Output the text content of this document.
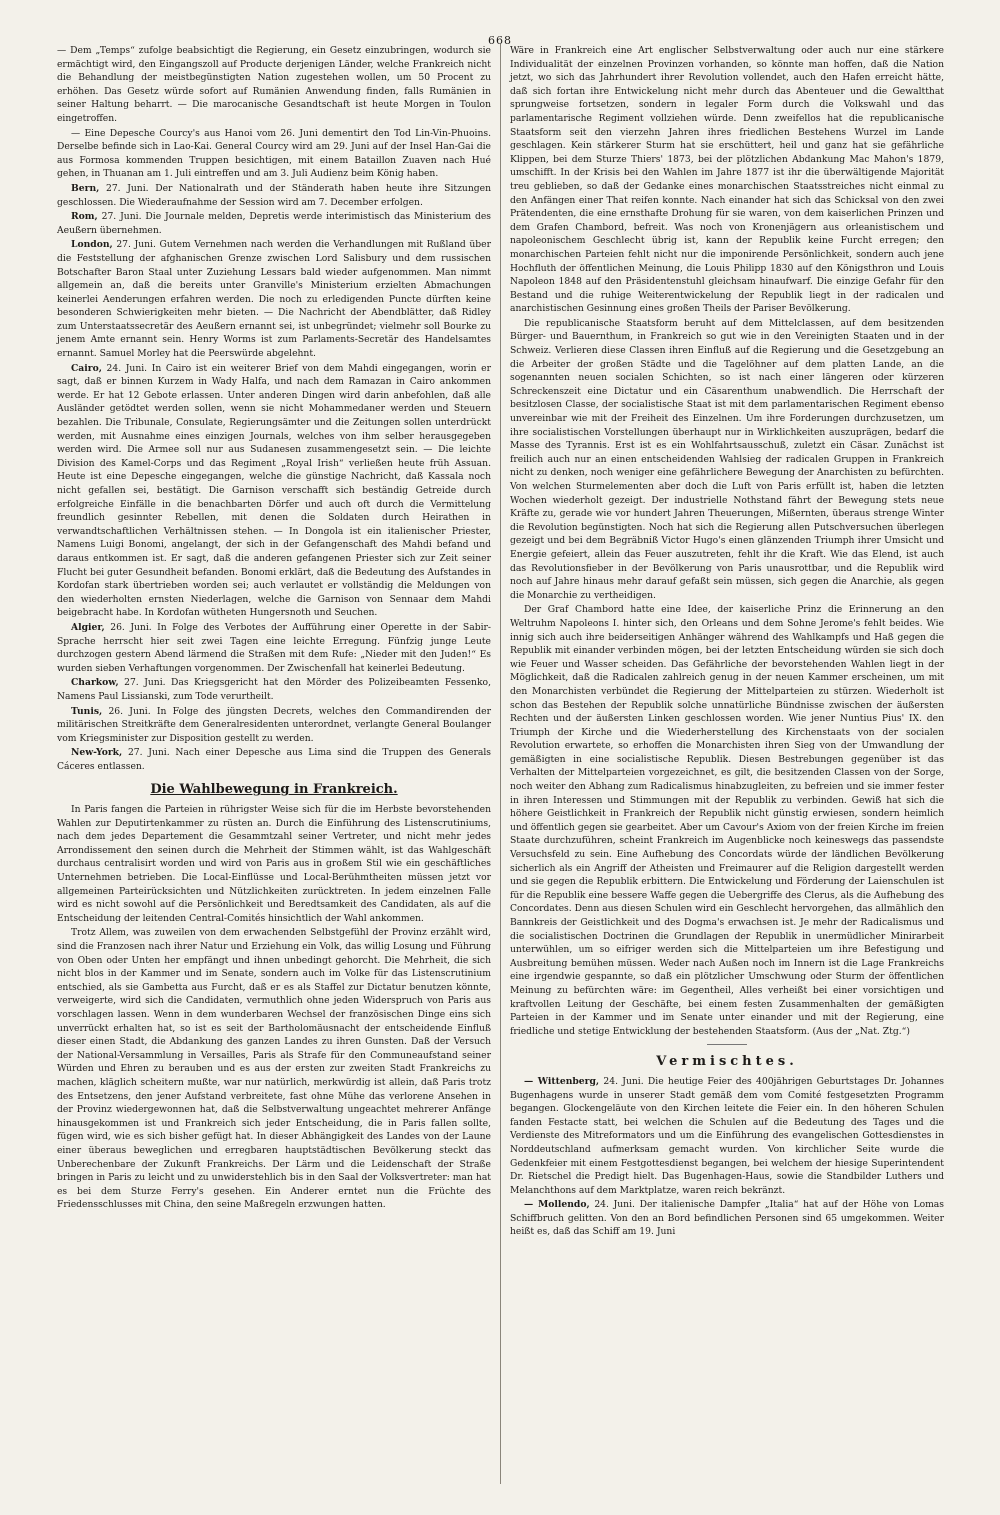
668

— Dem „Temps“ zufolge beabsichtigt die Regierung, ein Gesetz einzubringen, wodurch sie ermächtigt wird, den Eingangszoll auf Producte derjenigen Länder, welche Frankreich nicht die Behandlung der meistbegünstigten Nation zugestehen wollen, um 50 Procent zu erhöhen. Das Gesetz würde sofort auf Rumänien Anwendung finden, falls Rumänien in seiner Haltung beharrt. — Die marocanische Gesandtschaft ist heute Morgen in Toulon eingetroffen.

— Eine Depesche Courcy's aus Hanoi vom 26. Juni dementirt den Tod Lin-Vin-Phuoins. Derselbe befinde sich in Lao-Kai. General Courcy wird am 29. Juni auf der Insel Han-Gai die aus Formosa kommenden Truppen besichtigen, mit einem Bataillon Zuaven nach Hué gehen, in Thuanan am 1. Juli eintreffen und am 3. Juli Audienz beim König haben.

Bern, 27. Juni. Der Nationalrath und der Ständerath haben heute ihre Sitzungen geschlossen. Die Wiederaufnahme der Session wird am 7. December erfolgen.

Rom, 27. Juni. Die Journale melden, Depretis werde interimistisch das Ministerium des Aeußern übernehmen.

London, 27. Juni. Gutem Vernehmen nach werden die Verhandlungen mit Rußland über die Feststellung der afghanischen Grenze zwischen Lord Salisbury und dem russischen Botschafter Baron Staal unter Zuziehung Lessars bald wieder aufgenommen. Man nimmt allgemein an, daß die bereits unter Granville's Ministerium erzielten Abmachungen keinerlei Aenderungen erfahren werden. Die noch zu erledigenden Puncte dürften keine besonderen Schwierigkeiten mehr bieten. — Die Nachricht der Abendblätter, daß Ridley zum Unterstaatssecretär des Aeußern ernannt sei, ist unbegründet; vielmehr soll Bourke zu jenem Amte ernannt sein. Henry Worms ist zum Parlaments-Secretär des Handelsamtes ernannt. Samuel Morley hat die Peerswürde abgelehnt.

Cairo, 24. Juni. In Cairo ist ein weiterer Brief von dem Mahdi eingegangen, worin er sagt, daß er binnen Kurzem in Wady Halfa, und nach dem Ramazan in Cairo ankommen werde. Er hat 12 Gebote erlassen. Unter anderen Dingen wird darin anbefohlen, daß alle Ausländer getödtet werden sollen, wenn sie nicht Mohammedaner werden und Steuern bezahlen. Die Tribunale, Consulate, Regierungsämter und die Zeitungen sollen unterdrückt werden, mit Ausnahme eines einzigen Journals, welches von ihm selber herausgegeben werden wird. Die Armee soll nur aus Sudanesen zusammengesetzt sein. — Die leichte Division des Kamel-Corps und das Regiment „Royal Irish“ verließen heute früh Assuan. Heute ist eine Depesche eingegangen, welche die günstige Nachricht, daß Kassala noch nicht gefallen sei, bestätigt. Die Garnison verschafft sich beständig Getreide durch erfolgreiche Einfälle in die benachbarten Dörfer und auch oft durch die Vermittelung freundlich gesinnter Rebellen, mit denen die Soldaten durch Heirathen in verwandtschaftlichen Verhältnissen stehen. — In Dongola ist ein italienischer Priester, Namens Luigi Bonomi, angelangt, der sich in der Gefangenschaft des Mahdi befand und daraus entkommen ist. Er sagt, daß die anderen gefangenen Priester sich zur Zeit seiner Flucht bei guter Gesundheit befanden. Bonomi erklärt, daß die Bedeutung des Aufstandes in Kordofan stark übertrieben worden sei; auch verlautet er vollständig die Meldungen von den wiederholten ernsten Niederlagen, welche die Garnison von Sennaar dem Mahdi beigebracht habe. In Kordofan wütheten Hungersnoth und Seuchen.

Algier, 26. Juni. In Folge des Verbotes der Aufführung einer Operette in der Sabir-Sprache herrscht hier seit zwei Tagen eine leichte Erregung. Fünfzig junge Leute durchzogen gestern Abend lärmend die Straßen mit dem Rufe: „Nieder mit den Juden!“ Es wurden sieben Verhaftungen vorgenommen. Der Zwischenfall hat keinerlei Bedeutung.

Charkow, 27. Juni. Das Kriegsgericht hat den Mörder des Polizeibeamten Fessenko, Namens Paul Lissianski, zum Tode verurtheilt.

Tunis, 26. Juni. In Folge des jüngsten Decrets, welches den Commandirenden der militärischen Streitkräfte dem Generalresidenten unterordnet, verlangte General Boulanger vom Kriegsminister zur Disposition gestellt zu werden.

New-York, 27. Juni. Nach einer Depesche aus Lima sind die Truppen des Generals Cáceres entlassen.

Die Wahlbewegung in Frankreich.

In Paris fangen die Parteien in rührigster Weise sich für die im Herbste bevorstehenden Wahlen zur Deputirtenkammer zu rüsten an. Durch die Einführung des Listenscrutiniums, nach dem jedes Departement die Gesammtzahl seiner Vertreter, und nicht mehr jedes Arrondissement den seinen durch die Mehrheit der Stimmen wählt, ist das Wahlgeschäft durchaus centralisirt worden und wird von Paris aus in großem Stil wie ein geschäftliches Unternehmen betrieben. Die Local-Einflüsse und Local-Berühmtheiten müssen jetzt vor allgemeinen Parteirücksichten und Nützlichkeiten zurücktreten. In jedem einzelnen Falle wird es nicht sowohl auf die Persönlichkeit und Beredtsamkeit des Candidaten, als auf die Entscheidung der leitenden Central-Comités hinsichtlich der Wahl ankommen.

Trotz Allem, was zuweilen von dem erwachenden Selbstgefühl der Provinz erzählt wird, sind die Franzosen nach ihrer Natur und Erziehung ein Volk, das willig Losung und Führung von Oben oder Unten her empfängt und ihnen unbedingt gehorcht. Die Mehrheit, die sich nicht blos in der Kammer und im Senate, sondern auch im Volke für das Listenscrutinium entschied, als sie Gambetta aus Furcht, daß er es als Staffel zur Dictatur benutzen könnte, verweigerte, wird sich die Candidaten, vermuthlich ohne jeden Widerspruch von Paris aus vorschlagen lassen. Wenn in dem wunderbaren Wechsel der französischen Dinge eins sich unverrückt erhalten hat, so ist es seit der Bartholomäusnacht der entscheidende Einfluß dieser einen Stadt, die Abdankung des ganzen Landes zu ihren Gunsten. Daß der Versuch der National-Versammlung in Versailles, Paris als Strafe für den Communeaufstand seiner Würden und Ehren zu berauben und es aus der ersten zur zweiten Stadt Frankreichs zu machen, kläglich scheitern mußte, war nur natürlich, merkwürdig ist allein, daß Paris trotz des Entsetzens, den jener Aufstand verbreitete, fast ohne Mühe das verlorene Ansehen in der Provinz wiedergewonnen hat, daß die Selbstverwaltung ungeachtet mehrerer Anfänge hinausgekommen ist und Frankreich sich jeder Entscheidung, die in Paris fallen sollte, fügen wird, wie es sich bisher gefügt hat. In dieser Abhängigkeit des Landes von der Laune einer überaus beweglichen und erregbaren hauptstädtischen Bevölkerung steckt das Unberechenbare der Zukunft Frankreichs. Der Lärm und die Leidenschaft der Straße bringen in Paris zu leicht und zu unwiderstehlich bis in den Saal der Volksvertreter: man hat es bei dem Sturze Ferry's gesehen. Ein Anderer erntet nun die Früchte des Friedensschlusses mit China, den seine Maßregeln erzwungen hatten.

Wäre in Frankreich eine Art englischer Selbstverwaltung oder auch nur eine stärkere Individualität der einzelnen Provinzen vorhanden, so könnte man hoffen, daß die Nation jetzt, wo sich das Jahrhundert ihrer Revolution vollendet, auch den Hafen erreicht hätte, daß sich fortan ihre Entwickelung nicht mehr durch das Abenteuer und die Gewaltthat sprungweise fortsetzen, sondern in legaler Form durch die Volkswahl und das parlamentarische Regiment vollziehen würde. Denn zweifellos hat die republicanische Staatsform seit den vierzehn Jahren ihres friedlichen Bestehens Wurzel im Lande geschlagen. Kein stärkerer Sturm hat sie erschüttert, heil und ganz hat sie gefährliche Klippen, bei dem Sturze Thiers' 1873, bei der plötzlichen Abdankung Mac Mahon's 1879, umschifft. In der Krisis bei den Wahlen im Jahre 1877 ist ihr die überwältigende Majorität treu geblieben, so daß der Gedanke eines monarchischen Staatsstreiches nicht einmal zu den Anfängen einer That reifen konnte. Nach einander hat sich das Schicksal von den zwei Prätendenten, die eine ernsthafte Drohung für sie waren, von dem kaiserlichen Prinzen und dem Grafen Chambord, befreit. Was noch von Kronenjägern aus orleanistischem und napoleonischem Geschlecht übrig ist, kann der Republik keine Furcht erregen; den monarchischen Parteien fehlt nicht nur die imponirende Persönlichkeit, sondern auch jene Hochfluth der öffentlichen Meinung, die Louis Philipp 1830 auf den Königsthron und Louis Napoleon 1848 auf den Präsidentenstuhl gleichsam hinaufwarf. Die einzige Gefahr für den Bestand und die ruhige Weiterentwickelung der Republik liegt in der radicalen und anarchistischen Gesinnung eines großen Theils der Pariser Bevölkerung.

Die republicanische Staatsform beruht auf dem Mittelclassen, auf dem besitzenden Bürger- und Bauernthum, in Frankreich so gut wie in den Vereinigten Staaten und in der Schweiz. Verlieren diese Classen ihren Einfluß auf die Regierung und die Gesetzgebung an die Arbeiter der großen Städte und die Tagelöhner auf dem platten Lande, an die sogenannten neuen socialen Schichten, so ist nach einer längeren oder kürzeren Schreckenszeit eine Dictatur und ein Cäsarenthum unabwendlich. Die Herrschaft der besitzlosen Classe, der socialistische Staat ist mit dem parlamentarischen Regiment ebenso unvereinbar wie mit der Freiheit des Einzelnen. Um ihre Forderungen durchzusetzen, um ihre socialistischen Vorstellungen überhaupt nur in Wirklichkeiten auszuprägen, bedarf die Masse des Tyrannis. Erst ist es ein Wohlfahrtsausschuß, zuletzt ein Cäsar. Zunächst ist freilich auch nur an einen entscheidenden Wahlsieg der radicalen Gruppen in Frankreich nicht zu denken, noch weniger eine gefährlichere Bewegung der Anarchisten zu befürchten. Von welchen Sturmelementen aber doch die Luft von Paris erfüllt ist, haben die letzten Wochen wiederholt gezeigt. Der industrielle Nothstand fährt der Bewegung stets neue Kräfte zu, gerade wie vor hundert Jahren Theuerungen, Mißernten, überaus strenge Winter die Revolution begünstigten. Noch hat sich die Regierung allen Putschversuchen überlegen gezeigt und bei dem Begräbniß Victor Hugo's einen glänzenden Triumph ihrer Umsicht und Energie gefeiert, allein das Feuer auszutreten, fehlt ihr die Kraft. Wie das Elend, ist auch das Revolutionsfieber in der Bevölkerung von Paris unausrottbar, und die Republik wird noch auf Jahre hinaus mehr darauf gefaßt sein müssen, sich gegen die Anarchie, als gegen die Monarchie zu vertheidigen.

Der Graf Chambord hatte eine Idee, der kaiserliche Prinz die Erinnerung an den Weltruhm Napoleons I. hinter sich, den Orleans und dem Sohne Jerome's fehlt beides. Wie innig sich auch ihre beiderseitigen Anhänger während des Wahlkampfs und Haß gegen die Republik mit einander verbinden mögen, bei der letzten Entscheidung würden sie sich doch wie Feuer und Wasser scheiden. Das Gefährliche der bevorstehenden Wahlen liegt in der Möglichkeit, daß die Radicalen zahlreich genug in der neuen Kammer erscheinen, um mit den Monarchisten verbündet die Regierung der Mittelparteien zu stürzen. Wiederholt ist schon das Bestehen der Republik solche unnatürliche Bündnisse zwischen der äußersten Rechten und der äußersten Linken geschlossen worden. Wie jener Nuntius Pius' IX. den Triumph der Kirche und die Wiederherstellung des Kirchenstaats von der socialen Revolution erwartete, so erhoffen die Monarchisten ihren Sieg von der Umwandlung der gemäßigten in eine socialistische Republik. Diesen Bestrebungen gegenüber ist das Verhalten der Mittelparteien vorgezeichnet, es gilt, die besitzenden Classen von der Sorge, noch weiter den Abhang zum Radicalismus hinabzugleiten, zu befreien und sie immer fester in ihren Interessen und Stimmungen mit der Republik zu verbinden. Gewiß hat sich die höhere Geistlichkeit in Frankreich der Republik nicht günstig erwiesen, sondern heimlich und öffentlich gegen sie gearbeitet. Aber um Cavour's Axiom von der freien Kirche im freien Staate durchzuführen, scheint Frankreich im Augenblicke noch keineswegs das passendste Versuchsfeld zu sein. Eine Aufhebung des Concordats würde der ländlichen Bevölkerung sicherlich als ein Angriff der Atheisten und Freimaurer auf die Religion dargestellt werden und sie gegen die Republik erbittern. Die Entwickelung und Förderung der Laienschulen ist für die Republik eine bessere Waffe gegen die Uebergriffe des Clerus, als die Aufhebung des Concordates. Denn aus diesen Schulen wird ein Geschlecht hervorgehen, das allmählich den Bannkreis der Geistlichkeit und des Dogma's erwachsen ist. Je mehr der Radicalismus und die socialistischen Doctrinen die Grundlagen der Republik in unermüdlicher Minirarbeit unterwühlen, um so eifriger werden sich die Mittelparteien um ihre Befestigung und Ausbreitung bemühen müssen. Weder nach Außen noch im Innern ist die Lage Frankreichs eine irgendwie gespannte, so daß ein plötzlicher Umschwung oder Sturm der öffentlichen Meinung zu befürchten wäre: im Gegentheil, Alles verheißt bei einer vorsichtigen und kraftvollen Leitung der Geschäfte, bei einem festen Zusammenhalten der gemäßigten Parteien in der Kammer und im Senate unter einander und mit der Regierung, eine friedliche und stetige Entwicklung der bestehenden Staatsform. (Aus der „Nat. Ztg.“)

Vermischtes.

— Wittenberg, 24. Juni. Die heutige Feier des 400jährigen Geburtstages Dr. Johannes Bugenhagens wurde in unserer Stadt gemäß dem vom Comité festgesetzten Programm begangen. Glockengeläute von den Kirchen leitete die Feier ein. In den höheren Schulen fanden Festacte statt, bei welchen die Schulen auf die Bedeutung des Tages und die Verdienste des Mitreformators und um die Einführung des evangelischen Gottesdienstes in Norddeutschland aufmerksam gemacht wurden. Von kirchlicher Seite wurde die Gedenkfeier mit einem Festgottesdienst begangen, bei welchem der hiesige Superintendent Dr. Rietschel die Predigt hielt. Das Bugenhagen-Haus, sowie die Standbilder Luthers und Melanchthons auf dem Marktplatze, waren reich bekränzt.

— Mollendo, 24. Juni. Der italienische Dampfer „Italia“ hat auf der Höhe von Lomas Schiffbruch gelitten. Von den an Bord befindlichen Personen sind 65 umgekommen. Weiter heißt es, daß das Schiff am 19. Juni
